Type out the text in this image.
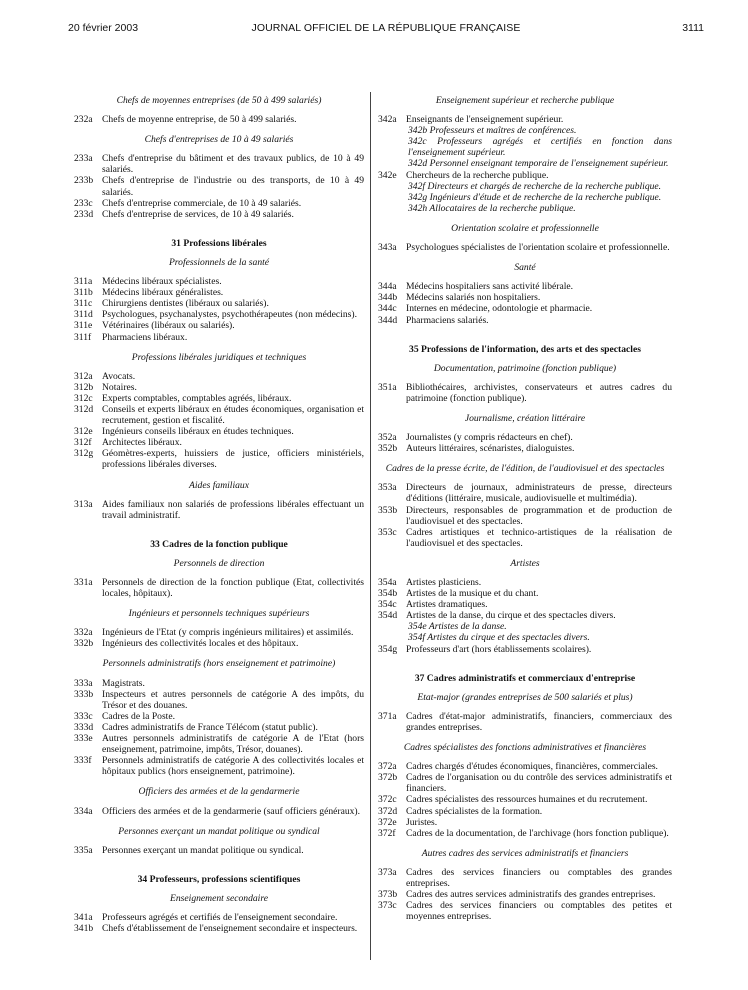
20 février 2003	JOURNAL OFFICIEL DE LA RÉPUBLIQUE FRANÇAISE	3111
Chefs de moyennes entreprises (de 50 à 499 salariés)
232a Chefs de moyenne entreprise, de 50 à 499 salariés.
Chefs d'entreprises de 10 à 49 salariés
233a Chefs d'entreprise du bâtiment et des travaux publics, de 10 à 49 salariés.
233b Chefs d'entreprise de l'industrie ou des transports, de 10 à 49 salariés.
233c Chefs d'entreprise commerciale, de 10 à 49 salariés.
233d Chefs d'entreprise de services, de 10 à 49 salariés.
31 Professions libérales
Professionnels de la santé
311a	Médecins libéraux spécialistes.
311b Médecins libéraux généralistes.
311c	Chirurgiens dentistes (libéraux ou salariés).
311d Psychologues, psychanalystes, psychothérapeutes (non médecins).
311e	Vétérinaires (libéraux ou salariés).
311f	Pharmaciens libéraux.
Professions libérales juridiques et techniques
312a Avocats.
312b Notaires.
312c Experts comptables, comptables agréés, libéraux.
312d Conseils et experts libéraux en études économiques, organisation et recrutement, gestion et fiscalité.
312e Ingénieurs conseils libéraux en études techniques.
312f	Architectes libéraux.
312g Géomètres-experts, huissiers de justice, officiers ministériels, professions libérales diverses.
Aides familiaux
313a Aides familiaux non salariés de professions libérales effectuant un travail administratif.
33 Cadres de la fonction publique
Personnels de direction
331a Personnels de direction de la fonction publique (Etat, collectivités locales, hôpitaux).
Ingénieurs et personnels techniques supérieurs
332a Ingénieurs de l'Etat (y compris ingénieurs militaires) et assimilés.
332b Ingénieurs des collectivités locales et des hôpitaux.
Personnels administratifs (hors enseignement et patrimoine)
333a Magistrats.
333b Inspecteurs et autres personnels de catégorie A des impôts, du Trésor et des douanes.
333c Cadres de la Poste.
333d Cadres administratifs de France Télécom (statut public).
333e Autres personnels administratifs de catégorie A de l'Etat (hors enseignement, patrimoine, impôts, Trésor, douanes).
333f	Personnels administratifs de catégorie A des collectivités locales et hôpitaux publics (hors enseignement, patrimoine).
Officiers des armées et de la gendarmerie
334a Officiers des armées et de la gendarmerie (sauf officiers généraux).
Personnes exerçant un mandat politique ou syndical
335a Personnes exerçant un mandat politique ou syndical.
34 Professeurs, professions scientifiques
Enseignement secondaire
341a Professeurs agrégés et certifiés de l'enseignement secondaire.
341b Chefs d'établissement de l'enseignement secondaire et inspecteurs.
Enseignement supérieur et recherche publique
342a Enseignants de l'enseignement supérieur.
342b Professeurs et maîtres de conférences.
342c Professeurs agrégés et certifiés en fonction dans l'enseignement supérieur.
342d Personnel enseignant temporaire de l'enseignement supérieur.
342e Chercheurs de la recherche publique.
342f Directeurs et chargés de recherche de la recherche publique.
342g Ingénieurs d'étude et de recherche de la recherche publique.
342h Allocataires de la recherche publique.
Orientation scolaire et professionnelle
343a Psychologues spécialistes de l'orientation scolaire et professionnelle.
Santé
344a Médecins hospitaliers sans activité libérale.
344b Médecins salariés non hospitaliers.
344c Internes en médecine, odontologie et pharmacie.
344d Pharmaciens salariés.
35 Professions de l'information, des arts et des spectacles
Documentation, patrimoine (fonction publique)
351a Bibliothécaires, archivistes, conservateurs et autres cadres du patrimoine (fonction publique).
Journalisme, création littéraire
352a Journalistes (y compris rédacteurs en chef).
352b Auteurs littéraires, scénaristes, dialoguistes.
Cadres de la presse écrite, de l'édition, de l'audiovisuel et des spectacles
353a Directeurs de journaux, administrateurs de presse, directeurs d'éditions (littéraire, musicale, audiovisuelle et multimédia).
353b Directeurs, responsables de programmation et de production de l'audiovisuel et des spectacles.
353c Cadres artistiques et technico-artistiques de la réalisation de l'audiovisuel et des spectacles.
Artistes
354a Artistes plasticiens.
354b Artistes de la musique et du chant.
354c Artistes dramatiques.
354d Artistes de la danse, du cirque et des spectacles divers.
354e Artistes de la danse.
354f Artistes du cirque et des spectacles divers.
354g Professeurs d'art (hors établissements scolaires).
37 Cadres administratifs et commerciaux d'entreprise
Etat-major (grandes entreprises de 500 salariés et plus)
371a Cadres d'état-major administratifs, financiers, commerciaux des grandes entreprises.
Cadres spécialistes des fonctions administratives et financières
372a Cadres chargés d'études économiques, financières, commerciales.
372b Cadres de l'organisation ou du contrôle des services administratifs et financiers.
372c Cadres spécialistes des ressources humaines et du recrutement.
372d Cadres spécialistes de la formation.
372e Juristes.
372f	Cadres de la documentation, de l'archivage (hors fonction publique).
Autres cadres des services administratifs et financiers
373a Cadres des services financiers ou comptables des grandes entreprises.
373b Cadres des autres services administratifs des grandes entreprises.
373c Cadres des services financiers ou comptables des petites et moyennes entreprises.
